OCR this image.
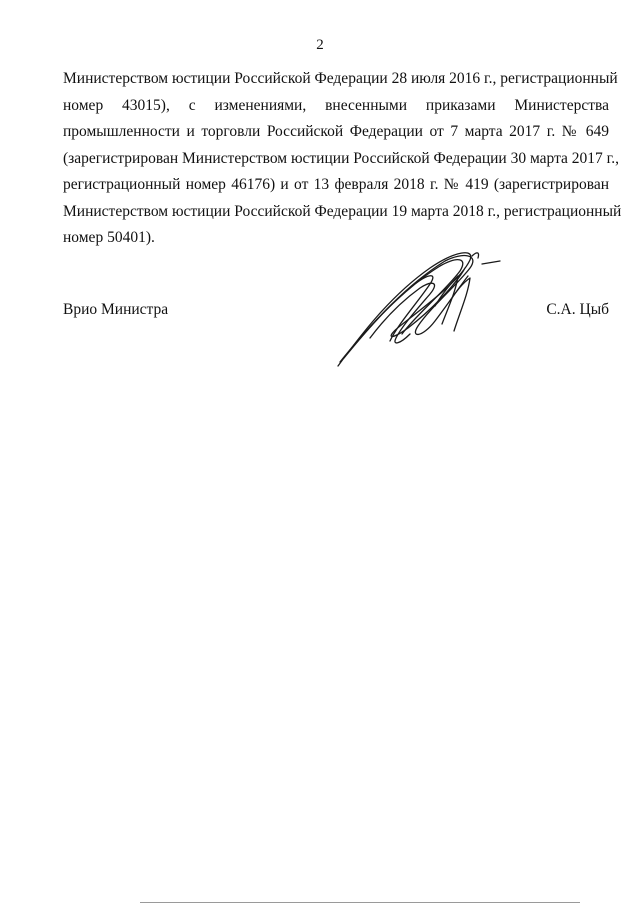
2
Министерством юстиции Российской Федерации 28 июля 2016 г., регистрационный
номер 43015), с изменениями, внесенными приказами Министерства
промышленности и торговли Российской Федерации от 7 марта 2017 г. № 649
(зарегистрирован Министерством юстиции Российской Федерации 30 марта 2017 г.,
регистрационный номер 46176) и от 13 февраля 2018 г. № 419 (зарегистрирован
Министерством юстиции Российской Федерации 19 марта 2018 г., регистрационный
номер 50401).
Врио Министра	С.А. Цыб
